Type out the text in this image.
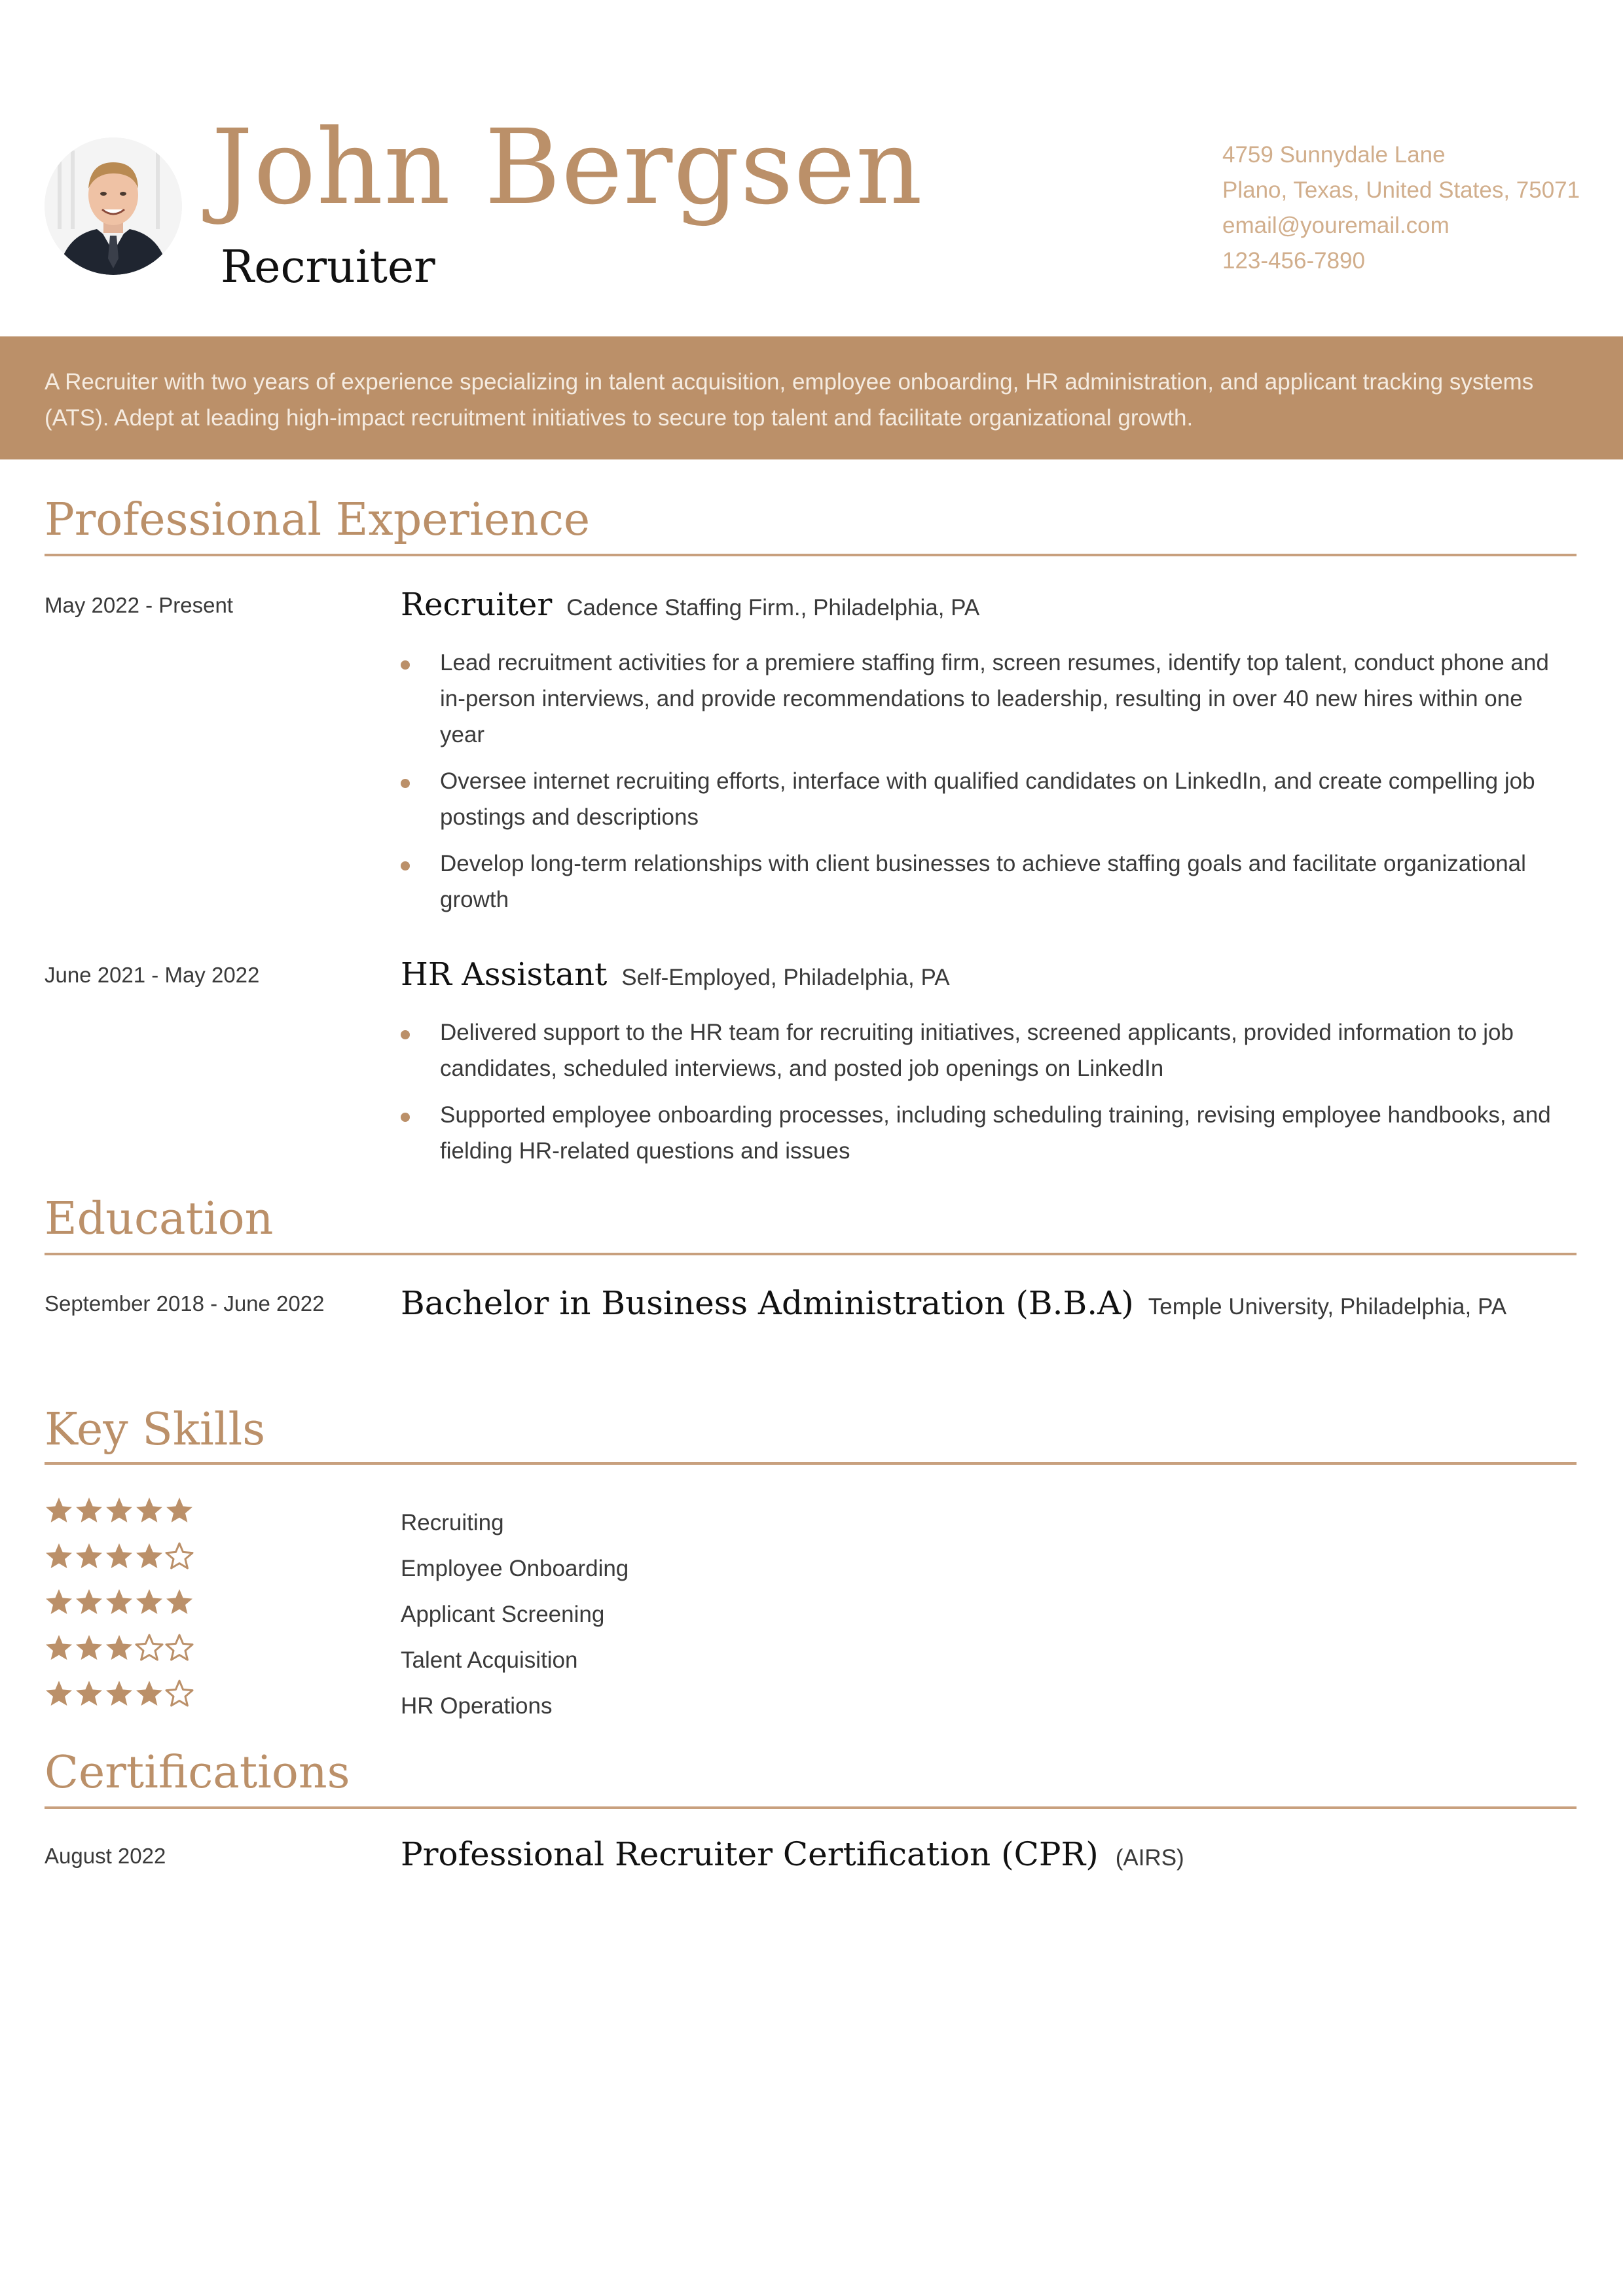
John Bergsen
Recruiter
4759 Sunnydale Lane
Plano, Texas, United States, 75071
email@youremail.com
123-456-7890

A Recruiter with two years of experience specializing in talent acquisition, employee onboarding, HR administration, and applicant tracking systems (ATS). Adept at leading high-impact recruitment initiatives to secure top talent and facilitate organizational growth.

Professional Experience
May 2022 - Present	Recruiter Cadence Staffing Firm., Philadelphia, PA
Lead recruitment activities for a premiere staffing firm, screen resumes, identify top talent, conduct phone and in-person interviews, and provide recommendations to leadership, resulting in over 40 new hires within one year
Oversee internet recruiting efforts, interface with qualified candidates on LinkedIn, and create compelling job postings and descriptions
Develop long-term relationships with client businesses to achieve staffing goals and facilitate organizational growth
June 2021 - May 2022	HR Assistant Self-Employed, Philadelphia, PA
Delivered support to the HR team for recruiting initiatives, screened applicants, provided information to job candidates, scheduled interviews, and posted job openings on LinkedIn
Supported employee onboarding processes, including scheduling training, revising employee handbooks, and fielding HR-related questions and issues
Education
September 2018 - June 2022 Bachelor in Business Administration (B.B.A) Temple University, Philadelphia, PA
Key Skills
Recruiting
Employee Onboarding
Applicant Screening
Talent Acquisition
HR Operations
Certifications
August 2022	Professional Recruiter Certification (CPR) (AIRS)
